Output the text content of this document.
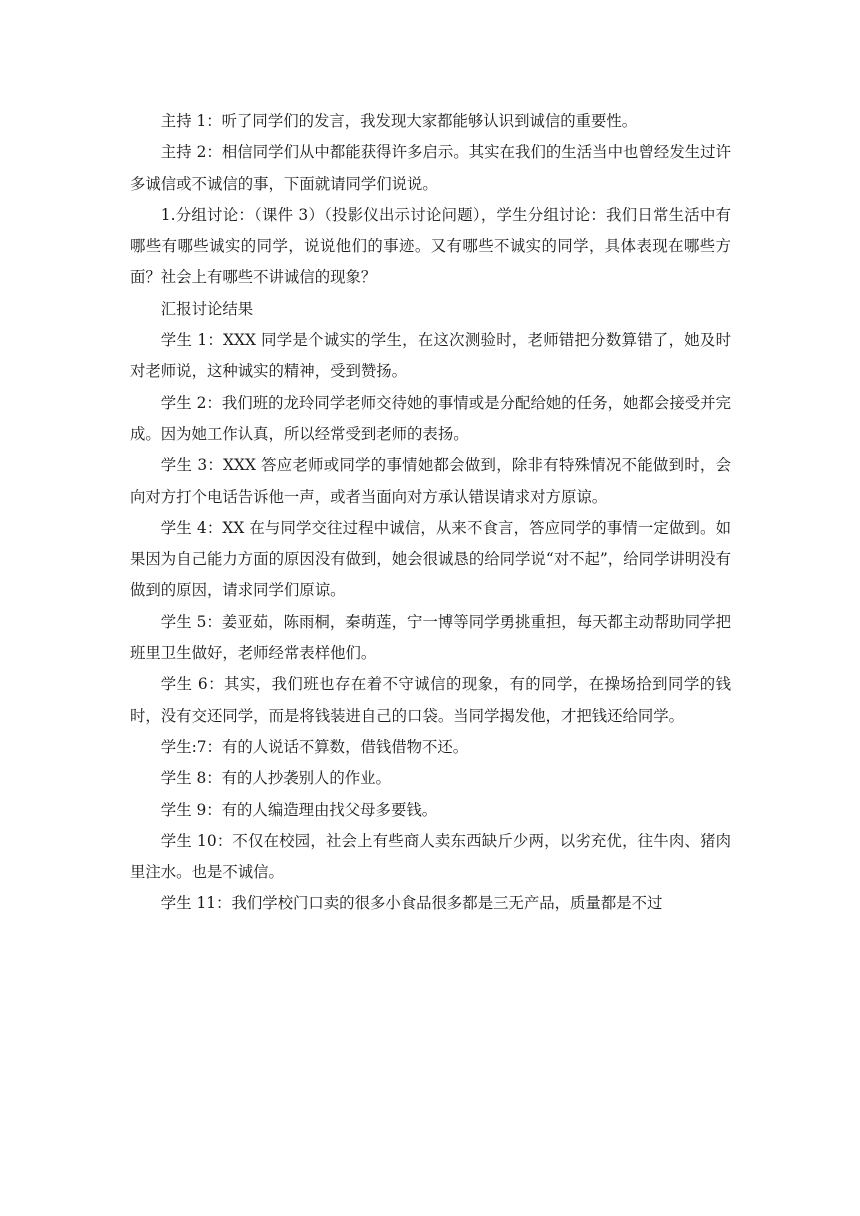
主持 1：听了同学们的发言，我发现大家都能够认识到诚信的重要性。

主持 2：相信同学们从中都能获得许多启示。其实在我们的生活当中也曾经发生过许多诚信或不诚信的事，下面就请同学们说说。

1.分组讨论：（课件 3）（投影仪出示讨论问题），学生分组讨论：我们日常生活中有哪些有哪些诚实的同学，说说他们的事迹。又有哪些不诚实的同学，具体表现在哪些方面？社会上有哪些不讲诚信的现象？

汇报讨论结果

学生 1：XXX 同学是个诚实的学生，在这次测验时，老师错把分数算错了，她及时对老师说，这种诚实的精神，受到赞扬。

学生 2：我们班的龙玲同学老师交待她的事情或是分配给她的任务，她都会接受并完成。因为她工作认真，所以经常受到老师的表扬。

学生 3：XXX 答应老师或同学的事情她都会做到，除非有特殊情况不能做到时，会向对方打个电话告诉他一声，或者当面向对方承认错误请求对方原谅。

学生 4：XX 在与同学交往过程中诚信，从来不食言，答应同学的事情一定做到。如果因为自己能力方面的原因没有做到，她会很诚恳的给同学说“对不起”，给同学讲明没有做到的原因，请求同学们原谅。

学生 5：姜亚茹，陈雨桐，秦萌莲，宁一博等同学勇挑重担，每天都主动帮助同学把班里卫生做好，老师经常表样他们。

学生 6：其实，我们班也存在着不守诚信的现象，有的同学，在操场拾到同学的钱时，没有交还同学，而是将钱装进自己的口袋。当同学揭发他，才把钱还给同学。

学生:7：有的人说话不算数，借钱借物不还。

学生 8：有的人抄袭别人的作业。

学生 9：有的人编造理由找父母多要钱。

学生 10：不仅在校园，社会上有些商人卖东西缺斤少两，以劣充优，往牛肉、猪肉里注水。也是不诚信。

学生 11：我们学校门口卖的很多小食品很多都是三无产品，质量都是不过
